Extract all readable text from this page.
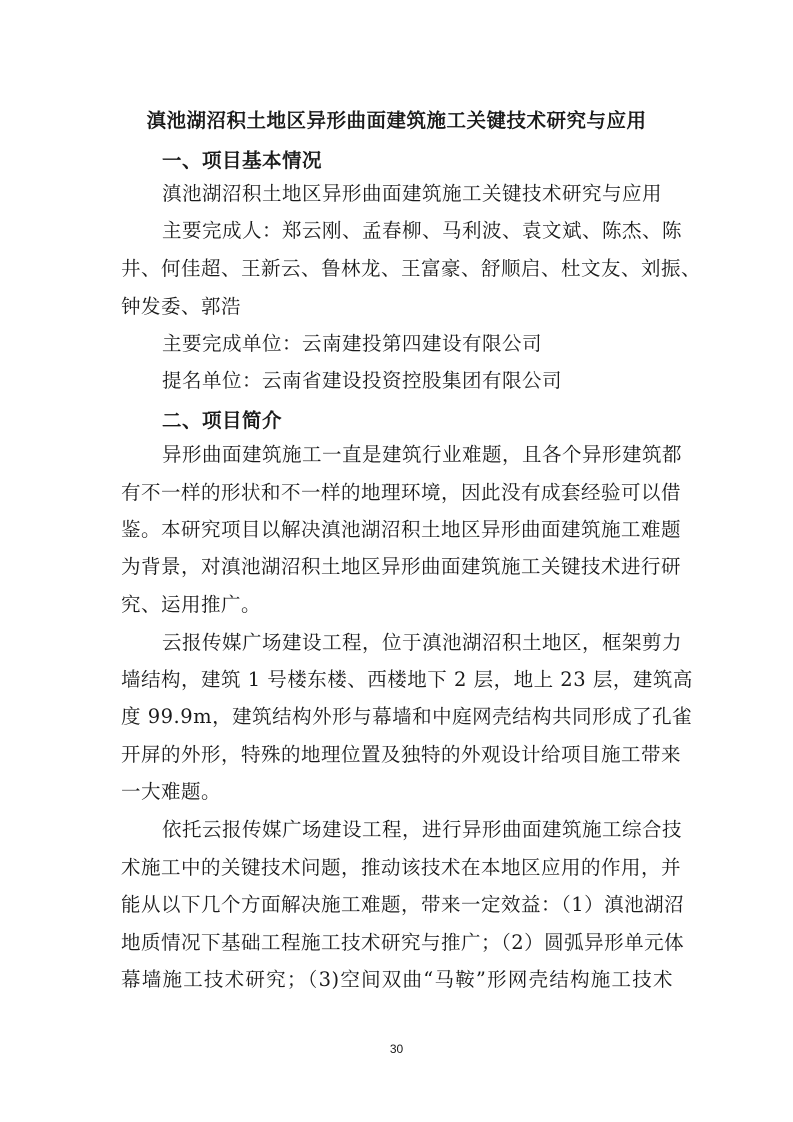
滇池湖沼积土地区异形曲面建筑施工关键技术研究与应用
一、项目基本情况
滇池湖沼积土地区异形曲面建筑施工关键技术研究与应用
主要完成人：郑云刚、孟春柳、马利波、袁文斌、陈杰、陈
井、何佳超、王新云、鲁林龙、王富豪、舒顺启、杜文友、刘振、
钟发委、郭浩
主要完成单位：云南建投第四建设有限公司
提名单位：云南省建设投资控股集团有限公司
二、项目简介
异形曲面建筑施工一直是建筑行业难题，且各个异形建筑都
有不一样的形状和不一样的地理环境，因此没有成套经验可以借
鉴。本研究项目以解决滇池湖沼积土地区异形曲面建筑施工难题
为背景，对滇池湖沼积土地区异形曲面建筑施工关键技术进行研
究、运用推广。
云报传媒广场建设工程，位于滇池湖沼积土地区，框架剪力
墙结构，建筑 1 号楼东楼、西楼地下 2 层，地上 23 层，建筑高
度 99.9m，建筑结构外形与幕墙和中庭网壳结构共同形成了孔雀
开屏的外形，特殊的地理位置及独特的外观设计给项目施工带来
一大难题。
依托云报传媒广场建设工程，进行异形曲面建筑施工综合技
术施工中的关键技术问题，推动该技术在本地区应用的作用，并
能从以下几个方面解决施工难题，带来一定效益：（1）滇池湖沼
地质情况下基础工程施工技术研究与推广；（2）圆弧异形单元体
幕墙施工技术研究；（3)空间双曲“马鞍”形网壳结构施工技术
30
